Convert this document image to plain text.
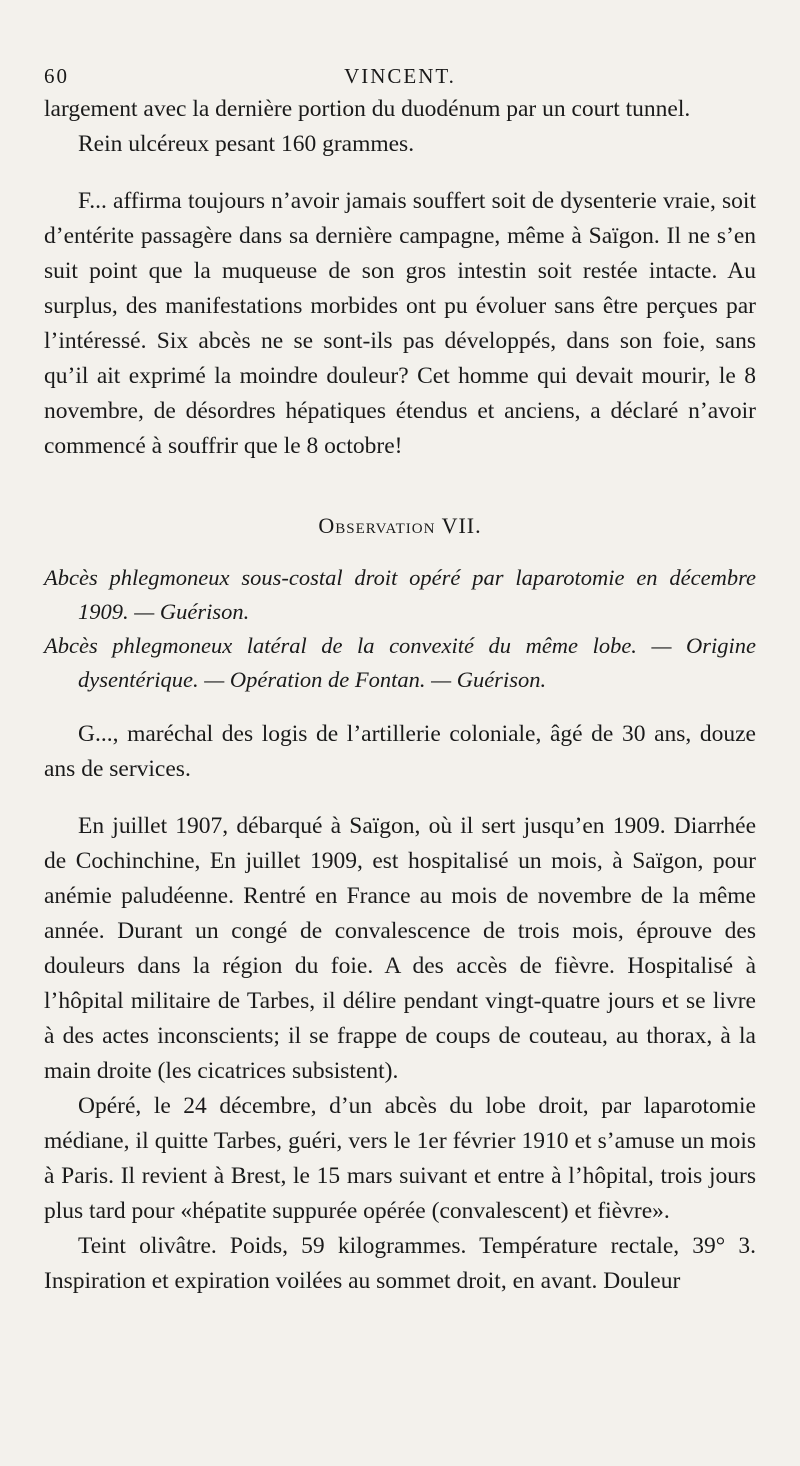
60	VINCENT.

largement avec la dernière portion du duodénum par un court tunnel.

Rein ulcéreux pesant 160 grammes.

F... affirma toujours n’avoir jamais souffert soit de dysenterie vraie, soit d’entérite passagère dans sa dernière campagne, même à Saïgon. Il ne s’en suit point que la muqueuse de son gros intestin soit restée intacte. Au surplus, des manifestations morbides ont pu évoluer sans être perçues par l’intéressé. Six abcès ne se sont-ils pas développés, dans son foie, sans qu’il ait exprimé la moindre douleur? Cet homme qui devait mourir, le 8 novembre, de désordres hépatiques étendus et anciens, a déclaré n’avoir commencé à souffrir que le 8 octobre!

Observation VII.

Abcès phlegmoneux sous-costal droit opéré par laparotomie en décembre 1909. — Guérison.

Abcès phlegmoneux latéral de la convexité du même lobe. — Origine dysentérique. — Opération de Fontan. — Guérison.

G..., maréchal des logis de l’artillerie coloniale, âgé de 30 ans, douze ans de services.

En juillet 1907, débarqué à Saïgon, où il sert jusqu’en 1909. Diarrhée de Cochinchine, En juillet 1909, est hospitalisé un mois, à Saïgon, pour anémie paludéenne. Rentré en France au mois de novembre de la même année. Durant un congé de convalescence de trois mois, éprouve des douleurs dans la région du foie. A des accès de fièvre. Hospitalisé à l’hôpital militaire de Tarbes, il délire pendant vingt-quatre jours et se livre à des actes inconscients; il se frappe de coups de couteau, au thorax, à la main droite (les cicatrices subsistent).

Opéré, le 24 décembre, d’un abcès du lobe droit, par laparotomie médiane, il quitte Tarbes, guéri, vers le 1er février 1910 et s’amuse un mois à Paris. Il revient à Brest, le 15 mars suivant et entre à l’hôpital, trois jours plus tard pour «hépatite suppurée opérée (convalescent) et fièvre».

Teint olivâtre. Poids, 59 kilogrammes. Température rectale, 39° 3. Inspiration et expiration voilées au sommet droit, en avant. Douleur
